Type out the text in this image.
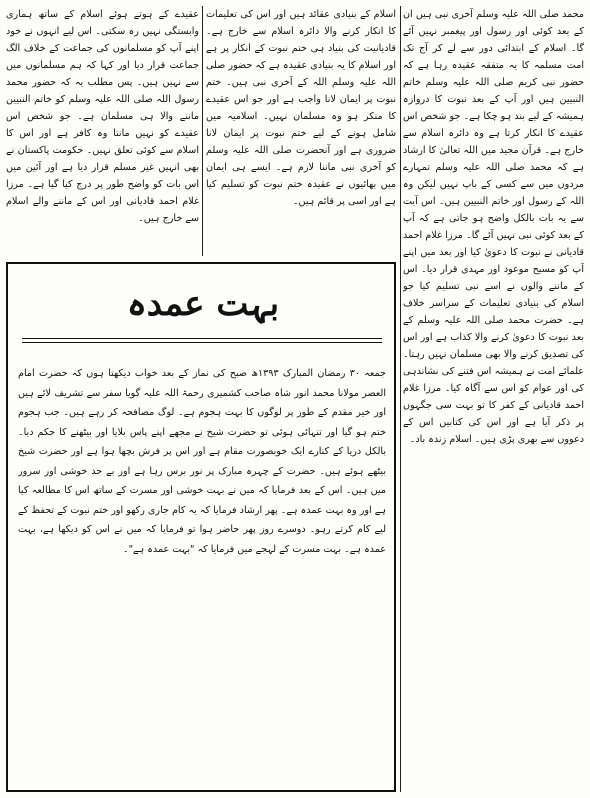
محمد صلی اللہ علیہ وسلم آخری نبی ہیں ان کے بعد کوئی اور رسول اور پیغمبر نہیں آئے گا۔ اسلام کے ابتدائی دور سے لے کر آج تک امت مسلمہ کا یہ متفقہ عقیدہ رہا ہے کہ حضور نبی کریم صلی اللہ علیہ وسلم خاتم النبیین ہیں اور آپ کے بعد نبوت کا دروازہ ہمیشہ کے لیے بند ہو چکا ہے۔ جو شخص اس عقیدے کا انکار کرتا ہے وہ دائرہ اسلام سے خارج ہے۔ قرآن مجید میں اللہ تعالیٰ کا ارشاد ہے کہ محمد صلی اللہ علیہ وسلم تمہارے مردوں میں سے کسی کے باپ نہیں لیکن وہ اللہ کے رسول اور خاتم النبیین ہیں۔ اس آیت سے یہ بات بالکل واضح ہو جاتی ہے کہ آپ کے بعد کوئی نبی نہیں آئے گا۔ مرزا غلام احمد قادیانی نے نبوت کا دعویٰ کیا اور بعد میں اپنے آپ کو مسیح موعود اور مہدی قرار دیا۔ اس کے ماننے والوں نے اسے نبی تسلیم کیا جو اسلام کی بنیادی تعلیمات کے سراسر خلاف ہے۔ حضرت محمد صلی اللہ علیہ وسلم کے بعد نبوت کا دعویٰ کرنے والا کذاب ہے اور اس کی تصدیق کرنے والا بھی مسلمان نہیں رہتا۔ علمائے امت نے ہمیشہ اس فتنے کی نشاندہی کی اور عوام کو اس سے آگاہ کیا۔ مرزا غلام احمد قادیانی کے کفر کا تو بہت سی جگہوں پر ذکر آیا ہے اور اس کی کتابیں اس کے دعووں سے بھری پڑی ہیں۔ اسلام زندہ باد۔

اسلام کے بنیادی عقائد ہیں اور اس کی تعلیمات کا انکار کرنے والا دائرہ اسلام سے خارج ہے۔ قادیانیت کی بنیاد ہی ختم نبوت کے انکار پر ہے اور اسلام کا یہ بنیادی عقیدہ ہے کہ حضور صلی اللہ علیہ وسلم اللہ کے آخری نبی ہیں۔ ختم نبوت پر ایمان لانا واجب ہے اور جو اس عقیدے کا منکر ہو وہ مسلمان نہیں۔ اسلامیہ میں شامل ہونے کے لیے ختم نبوت پر ایمان لانا ضروری ہے اور آنحضرت صلی اللہ علیہ وسلم کو آخری نبی ماننا لازم ہے۔ ایسے ہی ایمان میں بھائیوں نے عقیدہ ختم نبوت کو تسلیم کیا ہے اور اسی پر قائم ہیں۔

عقیدے کے ہوتے ہوئے اسلام کے ساتھ ہماری وابستگی نہیں رہ سکتی۔ اس لیے انہوں نے خود اپنے آپ کو مسلمانوں کی جماعت کے خلاف الگ جماعت قرار دیا اور کہا کہ ہم مسلمانوں میں سے نہیں ہیں۔ پس مطلب یہ کہ حضور محمد رسول اللہ صلی اللہ علیہ وسلم کو خاتم النبیین ماننے والا ہی مسلمان ہے۔ جو شخص اس عقیدے کو نہیں مانتا وہ کافر ہے اور اس کا اسلام سے کوئی تعلق نہیں۔ حکومت پاکستان نے بھی انہیں غیر مسلم قرار دیا ہے اور آئین میں اس بات کو واضح طور پر درج کیا گیا ہے۔ مرزا غلام احمد قادیانی اور اس کے ماننے والے اسلام سے خارج ہیں۔

بہت عمدہ

جمعہ ۳۰ رمضان المبارک ۱۳۹۳ھ صبح کی نماز کے بعد خواب دیکھتا ہوں کہ حضرت امام العصر مولانا محمد انور شاہ صاحب کشمیری رحمۃ اللہ علیہ گویا سفر سے تشریف لائے ہیں اور خیر مقدم کے طور پر لوگوں کا بہت ہجوم ہے۔ لوگ مصافحہ کر رہے ہیں۔ جب ہجوم ختم ہو گیا اور تنہائی ہوئی تو حضرت شیخ نے مجھے اپنے پاس بلایا اور بیٹھنے کا حکم دیا۔ بالکل دریا کے کنارے ایک خوبصورت مقام ہے اور اس پر فرش بچھا ہوا ہے اور حضرت شیخ بیٹھے ہوئے ہیں۔ حضرت کے چہرہ مبارک پر نور برس رہا ہے اور بے حد خوشی اور سرور میں ہیں۔ اس کے بعد فرمایا کہ میں نے بہت خوشی اور مسرت کے ساتھ اس کا مطالعہ کیا ہے اور وہ بہت عمدہ ہے۔ پھر ارشاد فرمایا کہ یہ کام جاری رکھو اور ختم نبوت کے تحفظ کے لیے کام کرتے رہو۔ دوسرے روز پھر حاضر ہوا تو فرمایا کہ میں نے اس کو دیکھا ہے، بہت عمدہ ہے۔ بہت مسرت کے لہجے میں فرمایا کہ "بہت عمدہ ہے"۔
